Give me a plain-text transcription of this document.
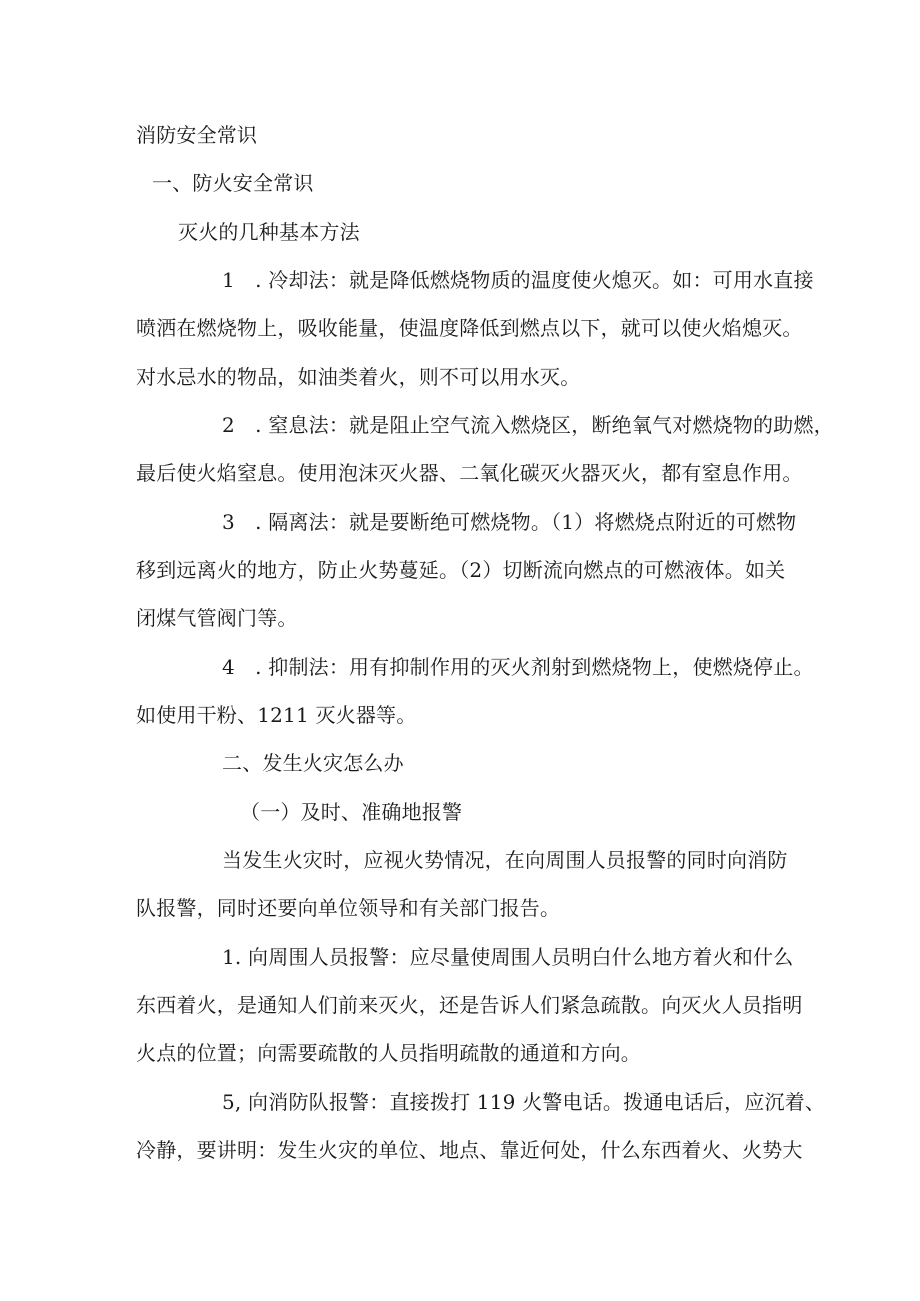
消防安全常识
一、防火安全常识
灭火的几种基本方法
1　. 冷却法：就是降低燃烧物质的温度使火熄灭。如：可用水直接
喷洒在燃烧物上，吸收能量，使温度降低到燃点以下，就可以使火焰熄灭。
对水忌水的物品，如油类着火，则不可以用水灭。
2　. 窒息法：就是阻止空气流入燃烧区，断绝氧气对燃烧物的助燃，
最后使火焰窒息。使用泡沫灭火器、二氧化碳灭火器灭火，都有窒息作用。
3　. 隔离法：就是要断绝可燃烧物。（1）将燃烧点附近的可燃物
移到远离火的地方，防止火势蔓延。（2）切断流向燃点的可燃液体。如关
闭煤气管阀门等。
4　. 抑制法：用有抑制作用的灭火剂射到燃烧物上，使燃烧停止。
如使用干粉、1211 灭火器等。
二、发生火灾怎么办
（一）及时、准确地报警
当发生火灾时，应视火势情况，在向周围人员报警的同时向消防
队报警，同时还要向单位领导和有关部门报告。
1. 向周围人员报警：应尽量使周围人员明白什么地方着火和什么
东西着火，是通知人们前来灭火，还是告诉人们紧急疏散。向灭火人员指明
火点的位置；向需要疏散的人员指明疏散的通道和方向。
5, 向消防队报警：直接拨打 119 火警电话。拨通电话后，应沉着、
冷静，要讲明：发生火灾的单位、地点、靠近何处，什么东西着火、火势大
